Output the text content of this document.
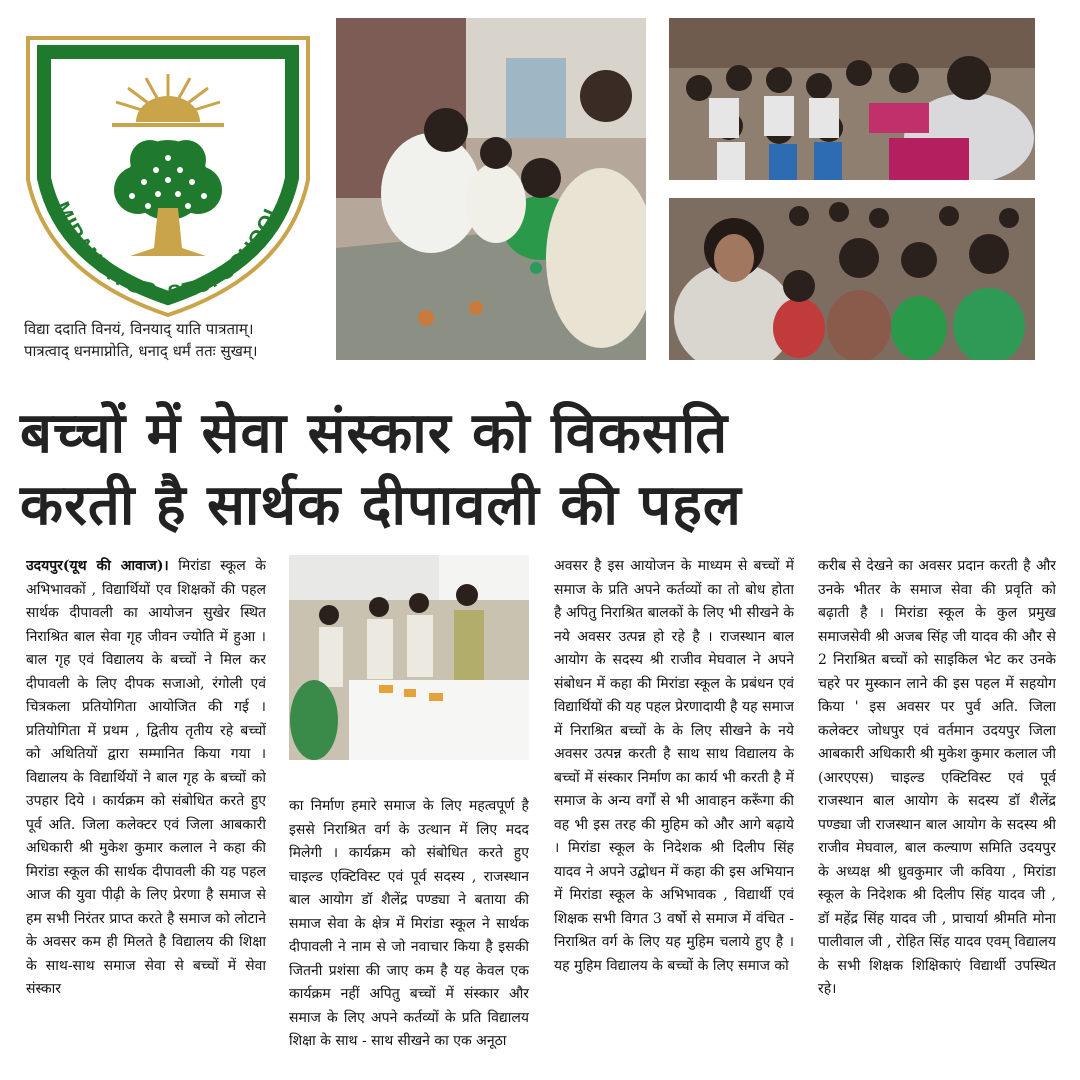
MIRANDA SR. SEC. SCHOOL
विद्या ददाति विनयं, विनयाद् याति पात्रताम्।
पात्रत्वाद् धनमाप्नोति, धनाद् धर्मं ततः सुखम्।
बच्चों में सेवा संस्कार को विकसति
करती है सार्थक दीपावली की पहल
उदयपुर(यूथ की आवाज)। मिरांडा स्कूल के अभिभावकों , विद्यार्थियों एव शिक्षकों की पहल सार्थक दीपावली का आयोजन सुखेर स्थित निराश्रित बाल सेवा गृह जीवन ज्योति में हुआ । बाल गृह एवं विद्यालय के बच्चों ने मिल कर दीपावली के लिए दीपक सजाओ, रंगोली एवं चित्रकला प्रतियोगिता आयोजित की गई । प्रतियोगिता में प्रथम , द्वितीय तृतीय रहे बच्चों को अथितियों द्वारा सम्मानित किया गया । विद्यालय के विद्यार्थियों ने बाल गृह के बच्चों को उपहार दिये । कार्यक्रम को संबोधित करते हुए पूर्व अति. जिला कलेक्टर एवं जिला आबकारी अधिकारी श्री मुकेश कुमार कलाल ने कहा की मिरांडा स्कूल की सार्थक दीपावली की यह पहल आज की युवा पीढ़ी के लिए प्रेरणा है समाज से हम सभी निरंतर प्राप्त करते है समाज को लोटाने के अवसर कम ही मिलते है विद्यालय की शिक्षा के साथ-साथ समाज सेवा से बच्चों में सेवा संस्कार
का निर्माण हमारे समाज के लिए महत्वपूर्ण है इससे निराश्रित वर्ग के उत्थान में लिए मदद मिलेगी । कार्यक्रम को संबोधित करते हुए चाइल्ड एक्टिविस्ट एवं पूर्व सदस्य , राजस्थान बाल आयोग डॉ शैलेंद्र पण्ड्या ने बताया की समाज सेवा के क्षेत्र में मिरांडा स्कूल ने सार्थक दीपावली ने नाम से जो नवाचार किया है इसकी जितनी प्रशंसा की जाए कम है यह केवल एक कार्यक्रम नहीं अपितु बच्चों में संस्कार और समाज के लिए अपने कर्तव्यों के प्रति विद्यालय शिक्षा के साथ - साथ सीखने का एक अनूठा
अवसर है इस आयोजन के माध्यम से बच्चों में समाज के प्रति अपने कर्तव्यों का तो बोध होता है अपितु निराश्रित बालकों के लिए भी सीखने के नये अवसर उत्पन्न हो रहे है । राजस्थान बाल आयोग के सदस्य श्री राजीव मेघवाल ने अपने संबोधन में कहा की मिरांडा स्कूल के प्रबंधन एवं विद्यार्थियों की यह पहल प्रेरणादायी है यह समाज में निराश्रित बच्चों के के लिए सीखने के नये अवसर उत्पन्न करती है साथ साथ विद्यालय के बच्चों में संस्कार निर्माण का कार्य भी करती है में समाज के अन्य वर्गों से भी आवाहन करूँगा की वह भी इस तरह की मुहिम को और आगे बढ़ाये । मिरांडा स्कूल के निदेशक श्री दिलीप सिंह यादव ने अपने उद्बोधन में कहा की इस अभियान में मिरांडा स्कूल के अभिभावक , विद्यार्थी एवं शिक्षक सभी विगत 3 वर्षो से समाज में वंचित - निराश्रित वर्ग के लिए यह मुहिम चलाये हुए है । यह मुहिम विद्यालय के बच्चों के लिए समाज को
करीब से देखने का अवसर प्रदान करती है और उनके भीतर के समाज सेवा की प्रवृति को बढ़ाती है । मिरांडा स्कूल के कुल प्रमुख समाजसेवी श्री अजब सिंह जी यादव की और से 2 निराश्रित बच्चों को साइकिल भेट कर उनके चहरे पर मुस्कान लाने की इस पहल में सहयोग किया ' इस अवसर पर पुर्व अति. जिला कलेक्टर जोधपुर एवं वर्तमान उदयपुर जिला आबकारी अधिकारी श्री मुकेश कुमार कलाल जी (आरएएस) चाइल्ड एक्टिविस्ट एवं पूर्व राजस्थान बाल आयोग के सदस्य डॉ शैलेंद्र पण्ड्या जी राजस्थान बाल आयोग के सदस्य श्री राजीव मेघवाल, बाल कल्याण समिति उदयपुर के अध्यक्ष श्री ध्रुवकुमार जी कविया , मिरांडा स्कूल के निदेशक श्री दिलीप सिंह यादव जी , डॉ महेंद्र सिंह यादव जी , प्राचार्या श्रीमति मोना पालीवाल जी , रोहित सिंह यादव एवम् विद्यालय के सभी शिक्षक शिक्षिकाएं विद्यार्थी उपस्थित रहे।
